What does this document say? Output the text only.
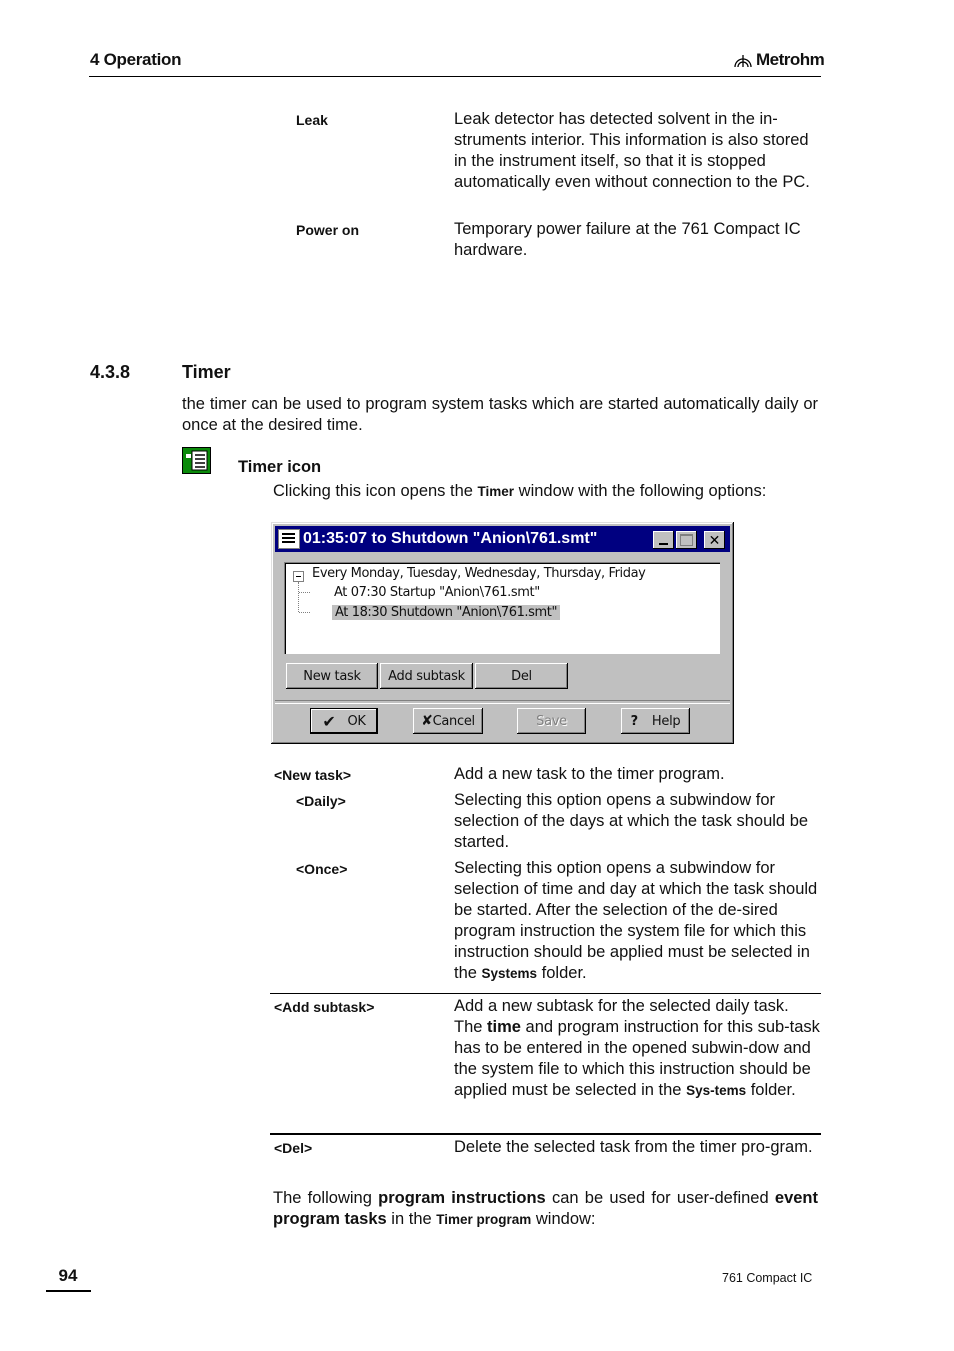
4 Operation	Metrohm
Leak	Leak detector has detected solvent in the in-struments interior. This information is also stored in the instrument itself, so that it is stopped automatically even without connection to the PC.
Power on	Temporary power failure at the 761 Compact IC hardware.
4.3.8	Timer
the timer can be used to program system tasks which are started automatically daily or once at the desired time.
Timer icon
Clicking this icon opens the Timer window with the following options:
01:35:07 to Shutdown "Anion\761.smt"	✕
Every Monday, Tuesday, Wednesday, Thursday, Friday
At 07:30 Startup "Anion\761.smt"
At 18:30 Shutdown "Anion\761.smt"
New task	Add subtask	Del
✔ OK	✘ Cancel	Save	? Help
<New task>	Add a new task to the timer program.
<Daily>	Selecting this option opens a subwindow for selection of the days at which the task should be started.
<Once>	Selecting this option opens a subwindow for selection of time and day at which the task should be started. After the selection of the de-sired program instruction the system file for which this instruction should be applied must be selected in the Systems folder.
<Add subtask>	Add a new subtask for the selected daily task. The time and program instruction for this sub-task has to be entered in the opened subwin-dow and the system file to which this instruction should be applied must be selected in the Sys-tems folder.
<Del>	Delete the selected task from the timer pro-gram.
The following program instructions can be used for user-defined event program tasks in the Timer program window:
94	761 Compact IC
